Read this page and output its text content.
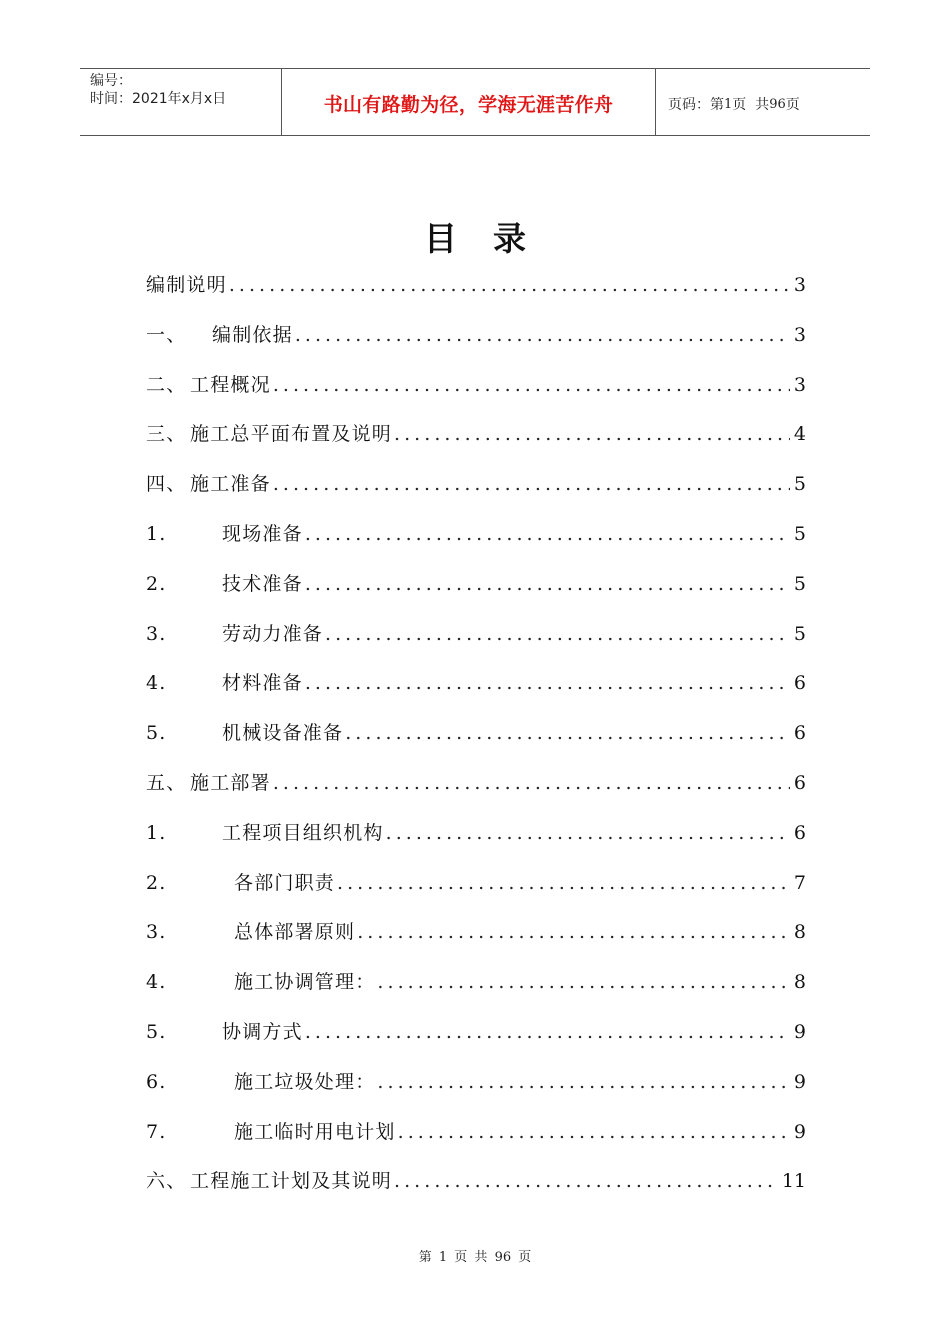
编号：
时间：2021年x月x日	书山有路勤为径，学海无涯苦作舟	页码：第 1 页  共 96 页
目录
编制说明 . . .	3
一、 编制依据 . . .	3
二、 工程概况 . . .	3
三、 施工总平面布置及说明 . . .	4
四、 施工准备 . . .	5
1.	现场准备 . . .	5
2.	技术准备 . . .	5
3.	劳动力准备 . . .	5
4.	材料准备 . . .	6
5.	机械设备准备 . . .	6
五、 施工部署 . . .	6
1.	工程项目组织机构 . . .	6
2.	各部门职责 . . .	7
3.	总体部署原则 . . .	8
4.	施工协调管理： . . .	8
5.	协调方式 . . .	9
6.	施工垃圾处理： . . .	9
7.	施工临时用电计划 . . .	9
六、 工程施工计划及其说明 . . .	11
第 1 页 共 96 页
